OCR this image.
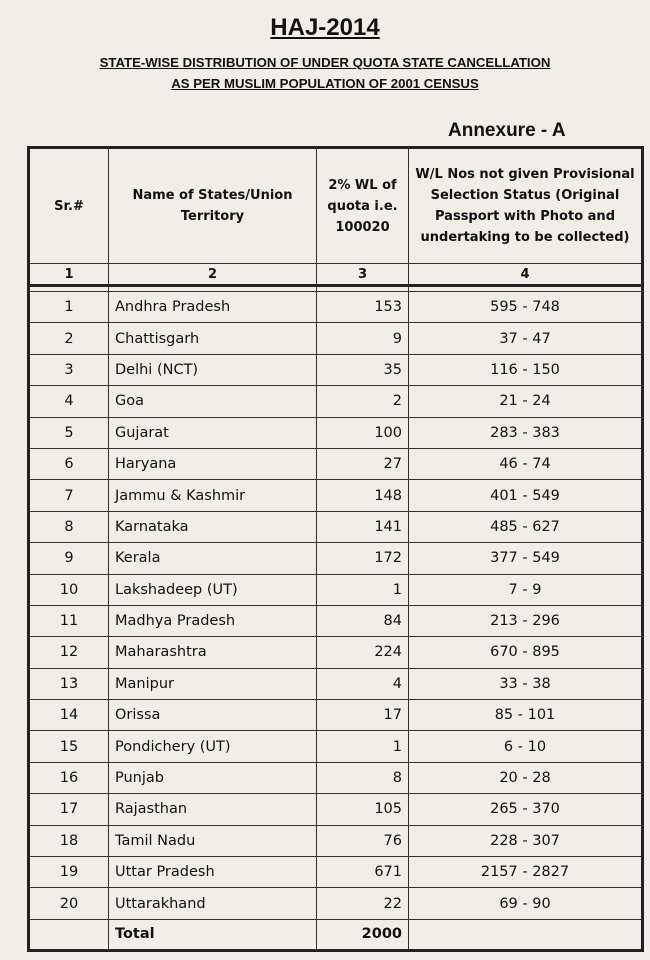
HAJ-2014
STATE-WISE DISTRIBUTION OF UNDER QUOTA STATE CANCELLATION
AS PER MUSLIM POPULATION OF 2001 CENSUS
Annexure - A
Sr.#	Name of States/Union Territory	2% WL of quota i.e. 100020	W/L Nos not given Provisional Selection Status (Original Passport with Photo and undertaking to be collected)
1	2	3	4

1	Andhra Pradesh	153	595 - 748
2	Chattisgarh	9	37 - 47
3	Delhi (NCT)	35	116 - 150
4	Goa	2	21 - 24
5	Gujarat	100	283 - 383
6	Haryana	27	46 - 74
7	Jammu & Kashmir	148	401 - 549
8	Karnataka	141	485 - 627
9	Kerala	172	377 - 549
10	Lakshadeep (UT)	1	7 - 9
11	Madhya Pradesh	84	213 - 296
12	Maharashtra	224	670 - 895
13	Manipur	4	33 - 38
14	Orissa	17	85 - 101
15	Pondichery (UT)	1	6 - 10
16	Punjab	8	20 - 28
17	Rajasthan	105	265 - 370
18	Tamil Nadu	76	228 - 307
19	Uttar Pradesh	671	2157 - 2827
20	Uttarakhand	22	69 - 90
	Total	2000	
